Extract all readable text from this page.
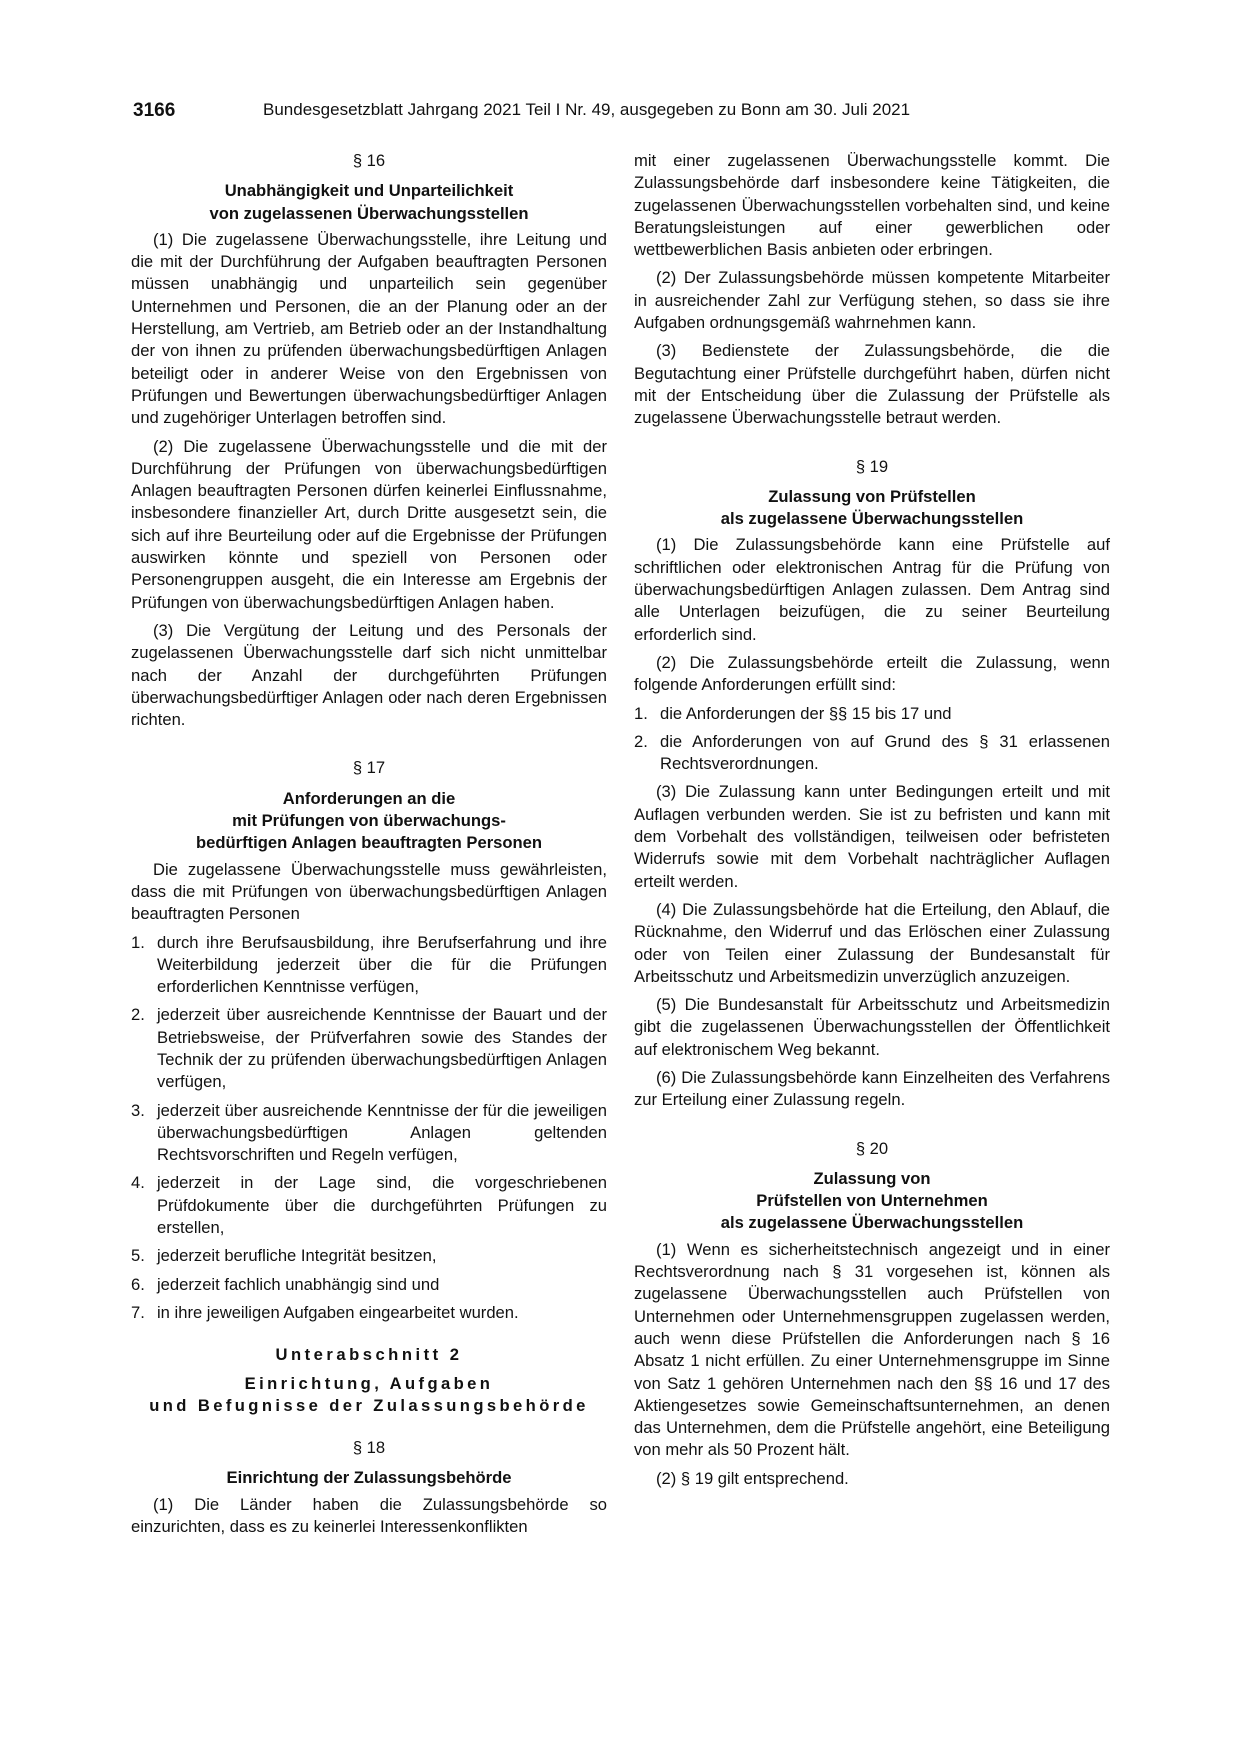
3166	Bundesgesetzblatt Jahrgang 2021 Teil I Nr. 49, ausgegeben zu Bonn am 30. Juli 2021
§ 16
Unabhängigkeit und Unparteilichkeit
von zugelassenen Überwachungsstellen

(1) Die zugelassene Überwachungsstelle, ihre Leitung und die mit der Durchführung der Aufgaben beauftragten Personen müssen unabhängig und unparteilich sein gegenüber Unternehmen und Personen, die an der Planung oder an der Herstellung, am Vertrieb, am Betrieb oder an der Instandhaltung der von ihnen zu prüfenden überwachungsbedürftigen Anlagen beteiligt oder in anderer Weise von den Ergebnissen von Prüfungen und Bewertungen überwachungsbedürftiger Anlagen und zugehöriger Unterlagen betroffen sind.

(2) Die zugelassene Überwachungsstelle und die mit der Durchführung der Prüfungen von überwachungsbedürftigen Anlagen beauftragten Personen dürfen keinerlei Einflussnahme, insbesondere finanzieller Art, durch Dritte ausgesetzt sein, die sich auf ihre Beurteilung oder auf die Ergebnisse der Prüfungen auswirken könnte und speziell von Personen oder Personengruppen ausgeht, die ein Interesse am Ergebnis der Prüfungen von überwachungsbedürftigen Anlagen haben.

(3) Die Vergütung der Leitung und des Personals der zugelassenen Überwachungsstelle darf sich nicht unmittelbar nach der Anzahl der durchgeführten Prüfungen überwachungsbedürftiger Anlagen oder nach deren Ergebnissen richten.

§ 17
Anforderungen an die
mit Prüfungen von überwachungs-
bedürftigen Anlagen beauftragten Personen

Die zugelassene Überwachungsstelle muss gewährleisten, dass die mit Prüfungen von überwachungsbedürftigen Anlagen beauftragten Personen

1. durch ihre Berufsausbildung, ihre Berufserfahrung und ihre Weiterbildung jederzeit über die für die Prüfungen erforderlichen Kenntnisse verfügen,
2. jederzeit über ausreichende Kenntnisse der Bauart und der Betriebsweise, der Prüfverfahren sowie des Standes der Technik der zu prüfenden überwachungsbedürftigen Anlagen verfügen,
3. jederzeit über ausreichende Kenntnisse der für die jeweiligen überwachungsbedürftigen Anlagen geltenden Rechtsvorschriften und Regeln verfügen,
4. jederzeit in der Lage sind, die vorgeschriebenen Prüfdokumente über die durchgeführten Prüfungen zu erstellen,
5. jederzeit berufliche Integrität besitzen,
6. jederzeit fachlich unabhängig sind und
7. in ihre jeweiligen Aufgaben eingearbeitet wurden.
Unterabschnitt 2
Einrichtung, Aufgaben
und Befugnisse der Zulassungsbehörde
§ 18
Einrichtung der Zulassungsbehörde

(1) Die Länder haben die Zulassungsbehörde so einzurichten, dass es zu keinerlei Interessenkonflikten

mit einer zugelassenen Überwachungsstelle kommt. Die Zulassungsbehörde darf insbesondere keine Tätigkeiten, die zugelassenen Überwachungsstellen vorbehalten sind, und keine Beratungsleistungen auf einer gewerblichen oder wettbewerblichen Basis anbieten oder erbringen.

(2) Der Zulassungsbehörde müssen kompetente Mitarbeiter in ausreichender Zahl zur Verfügung stehen, so dass sie ihre Aufgaben ordnungsgemäß wahrnehmen kann.

(3) Bedienstete der Zulassungsbehörde, die die Begutachtung einer Prüfstelle durchgeführt haben, dürfen nicht mit der Entscheidung über die Zulassung der Prüfstelle als zugelassene Überwachungsstelle betraut werden.

§ 19
Zulassung von Prüfstellen
als zugelassene Überwachungsstellen

(1) Die Zulassungsbehörde kann eine Prüfstelle auf schriftlichen oder elektronischen Antrag für die Prüfung von überwachungsbedürftigen Anlagen zulassen. Dem Antrag sind alle Unterlagen beizufügen, die zu seiner Beurteilung erforderlich sind.

(2) Die Zulassungsbehörde erteilt die Zulassung, wenn folgende Anforderungen erfüllt sind:

1. die Anforderungen der §§ 15 bis 17 und
2. die Anforderungen von auf Grund des § 31 erlassenen Rechtsverordnungen.

(3) Die Zulassung kann unter Bedingungen erteilt und mit Auflagen verbunden werden. Sie ist zu befristen und kann mit dem Vorbehalt des vollständigen, teilweisen oder befristeten Widerrufs sowie mit dem Vorbehalt nachträglicher Auflagen erteilt werden.

(4) Die Zulassungsbehörde hat die Erteilung, den Ablauf, die Rücknahme, den Widerruf und das Erlöschen einer Zulassung oder von Teilen einer Zulassung der Bundesanstalt für Arbeitsschutz und Arbeitsmedizin unverzüglich anzuzeigen.

(5) Die Bundesanstalt für Arbeitsschutz und Arbeitsmedizin gibt die zugelassenen Überwachungsstellen der Öffentlichkeit auf elektronischem Weg bekannt.

(6) Die Zulassungsbehörde kann Einzelheiten des Verfahrens zur Erteilung einer Zulassung regeln.

§ 20
Zulassung von
Prüfstellen von Unternehmen
als zugelassene Überwachungsstellen

(1) Wenn es sicherheitstechnisch angezeigt und in einer Rechtsverordnung nach § 31 vorgesehen ist, können als zugelassene Überwachungsstellen auch Prüfstellen von Unternehmen oder Unternehmensgruppen zugelassen werden, auch wenn diese Prüfstellen die Anforderungen nach § 16 Absatz 1 nicht erfüllen. Zu einer Unternehmensgruppe im Sinne von Satz 1 gehören Unternehmen nach den §§ 16 und 17 des Aktiengesetzes sowie Gemeinschaftsunternehmen, an denen das Unternehmen, dem die Prüfstelle angehört, eine Beteiligung von mehr als 50 Prozent hält.

(2) § 19 gilt entsprechend.
